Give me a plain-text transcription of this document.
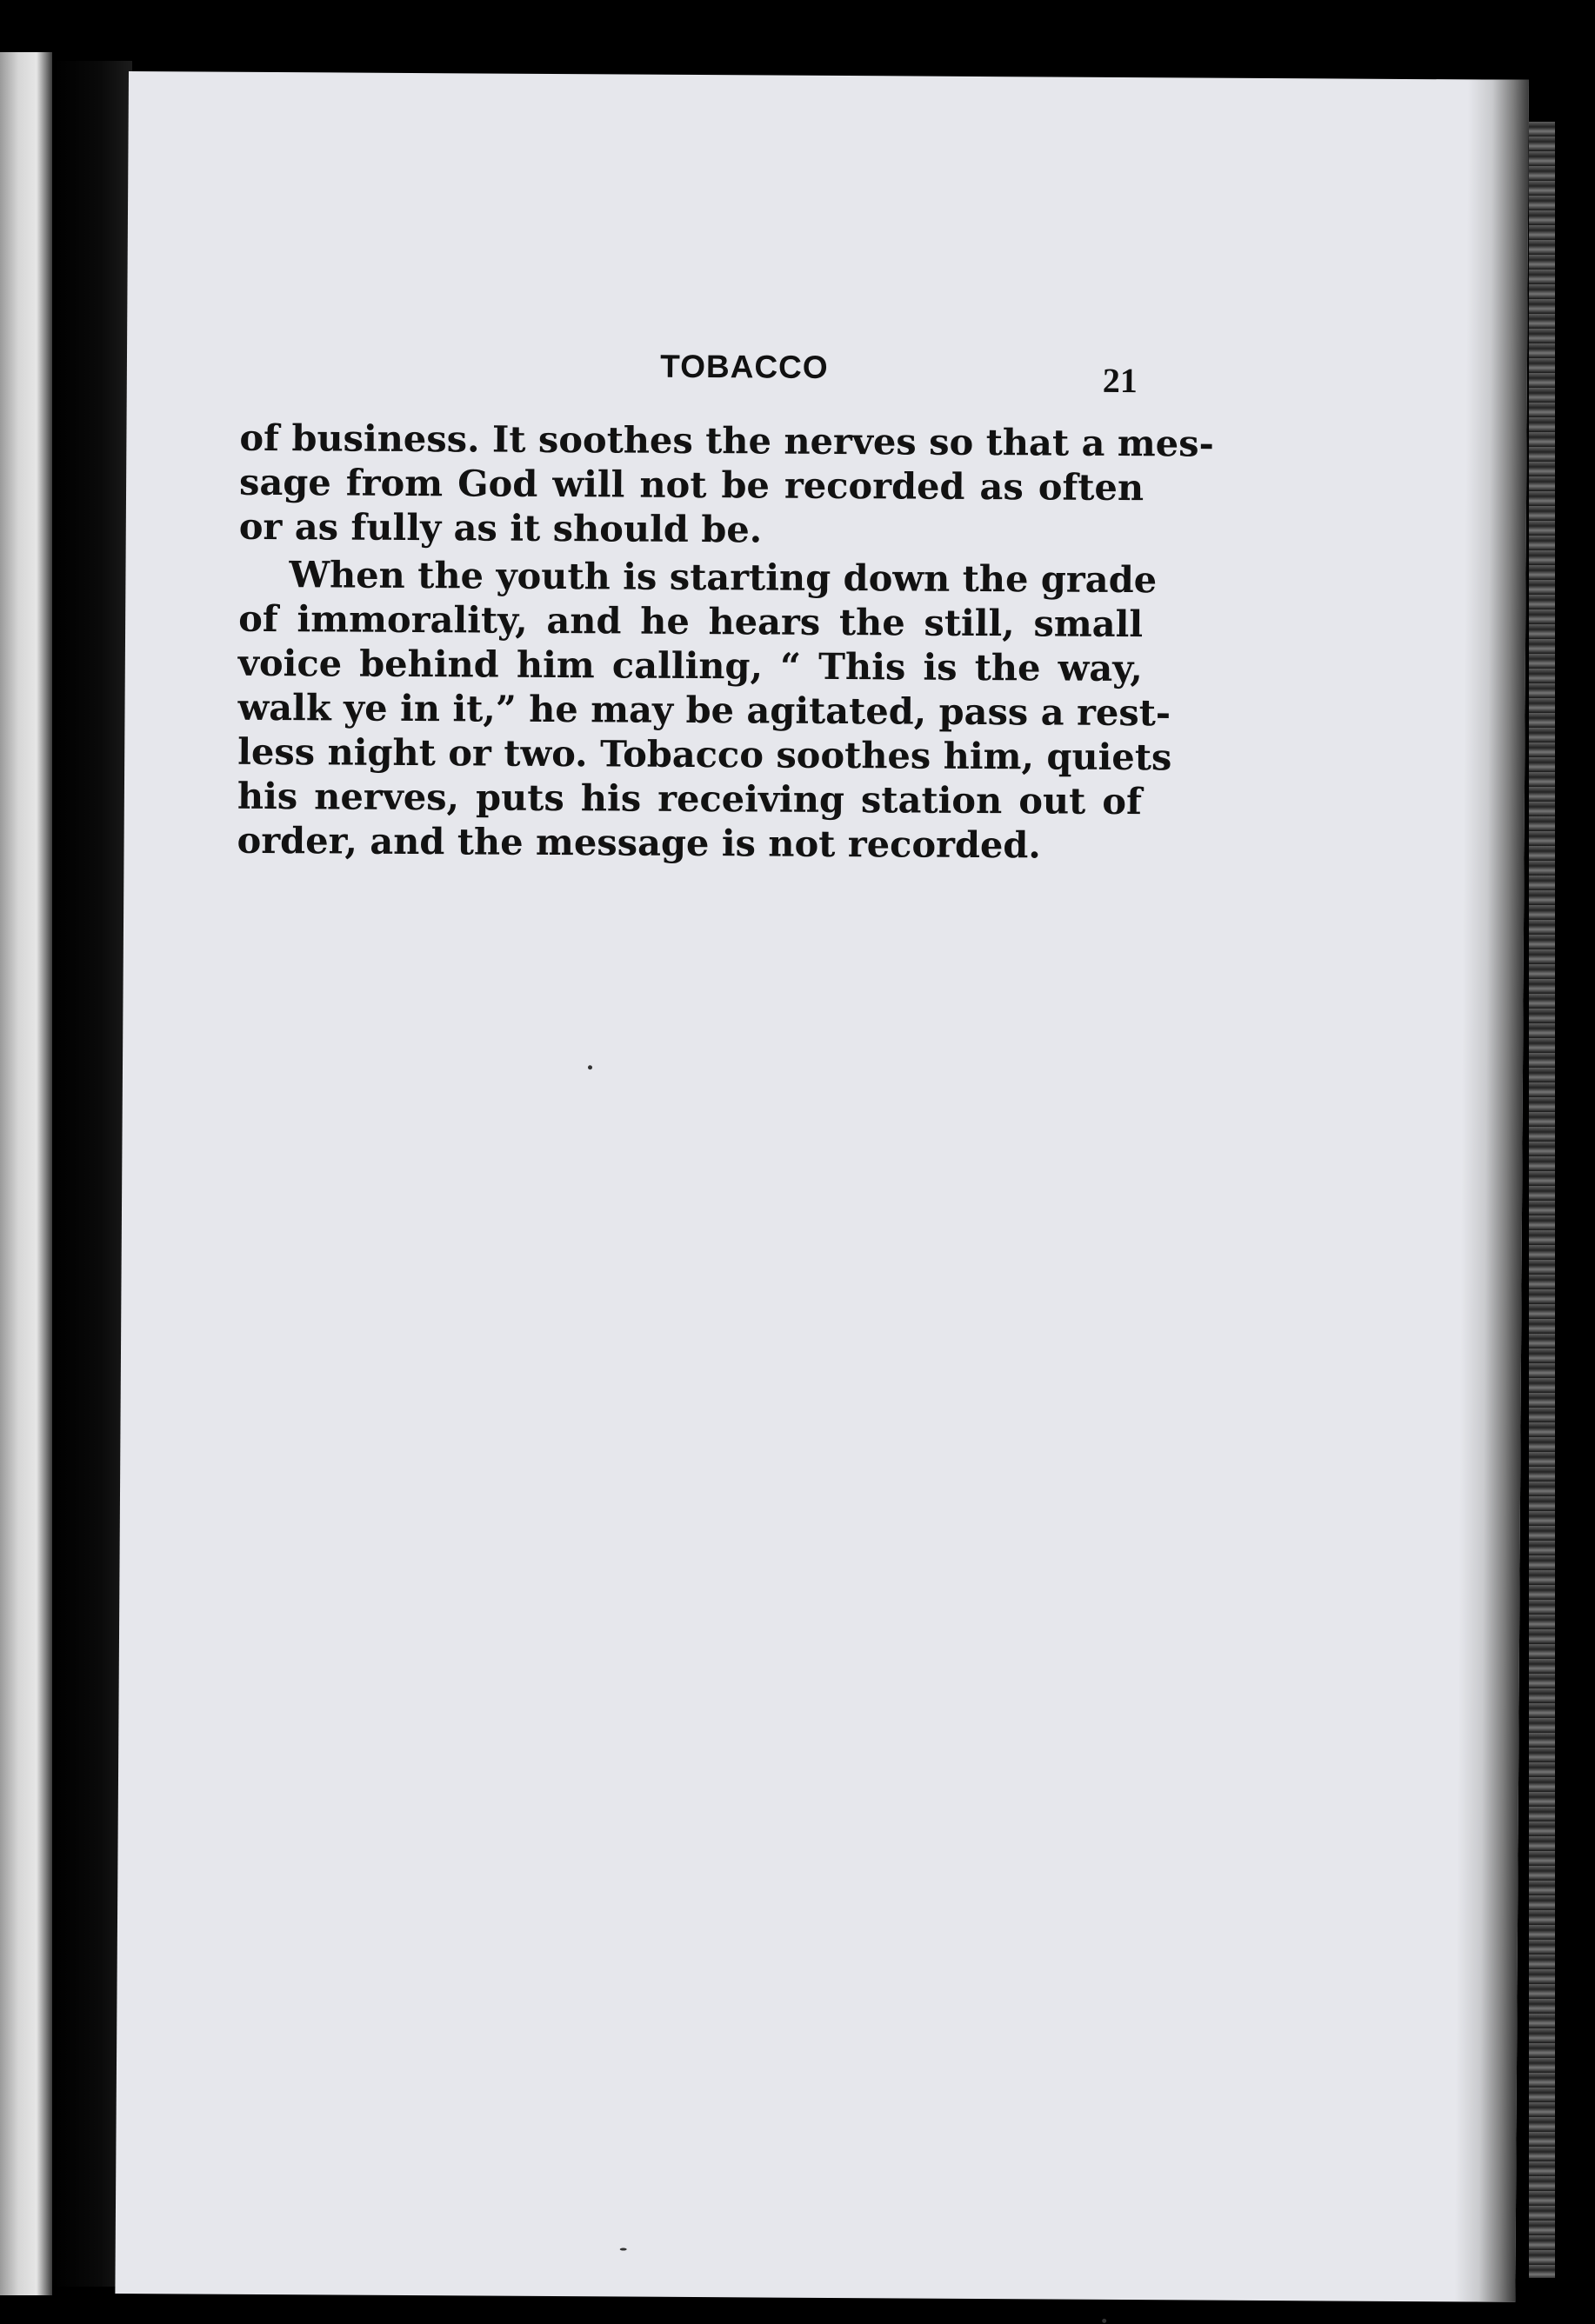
TOBACCO	21

of business. It soothes the nerves so that a mes-
sage from God will not be recorded as often
or as fully as it should be.

When the youth is starting down the grade
of immorality, and he hears the still, small
voice behind him calling, “ This is the way,
walk ye in it,” he may be agitated, pass a rest-
less night or two. Tobacco soothes him, quiets
his nerves, puts his receiving station out of
order, and the message is not recorded.
